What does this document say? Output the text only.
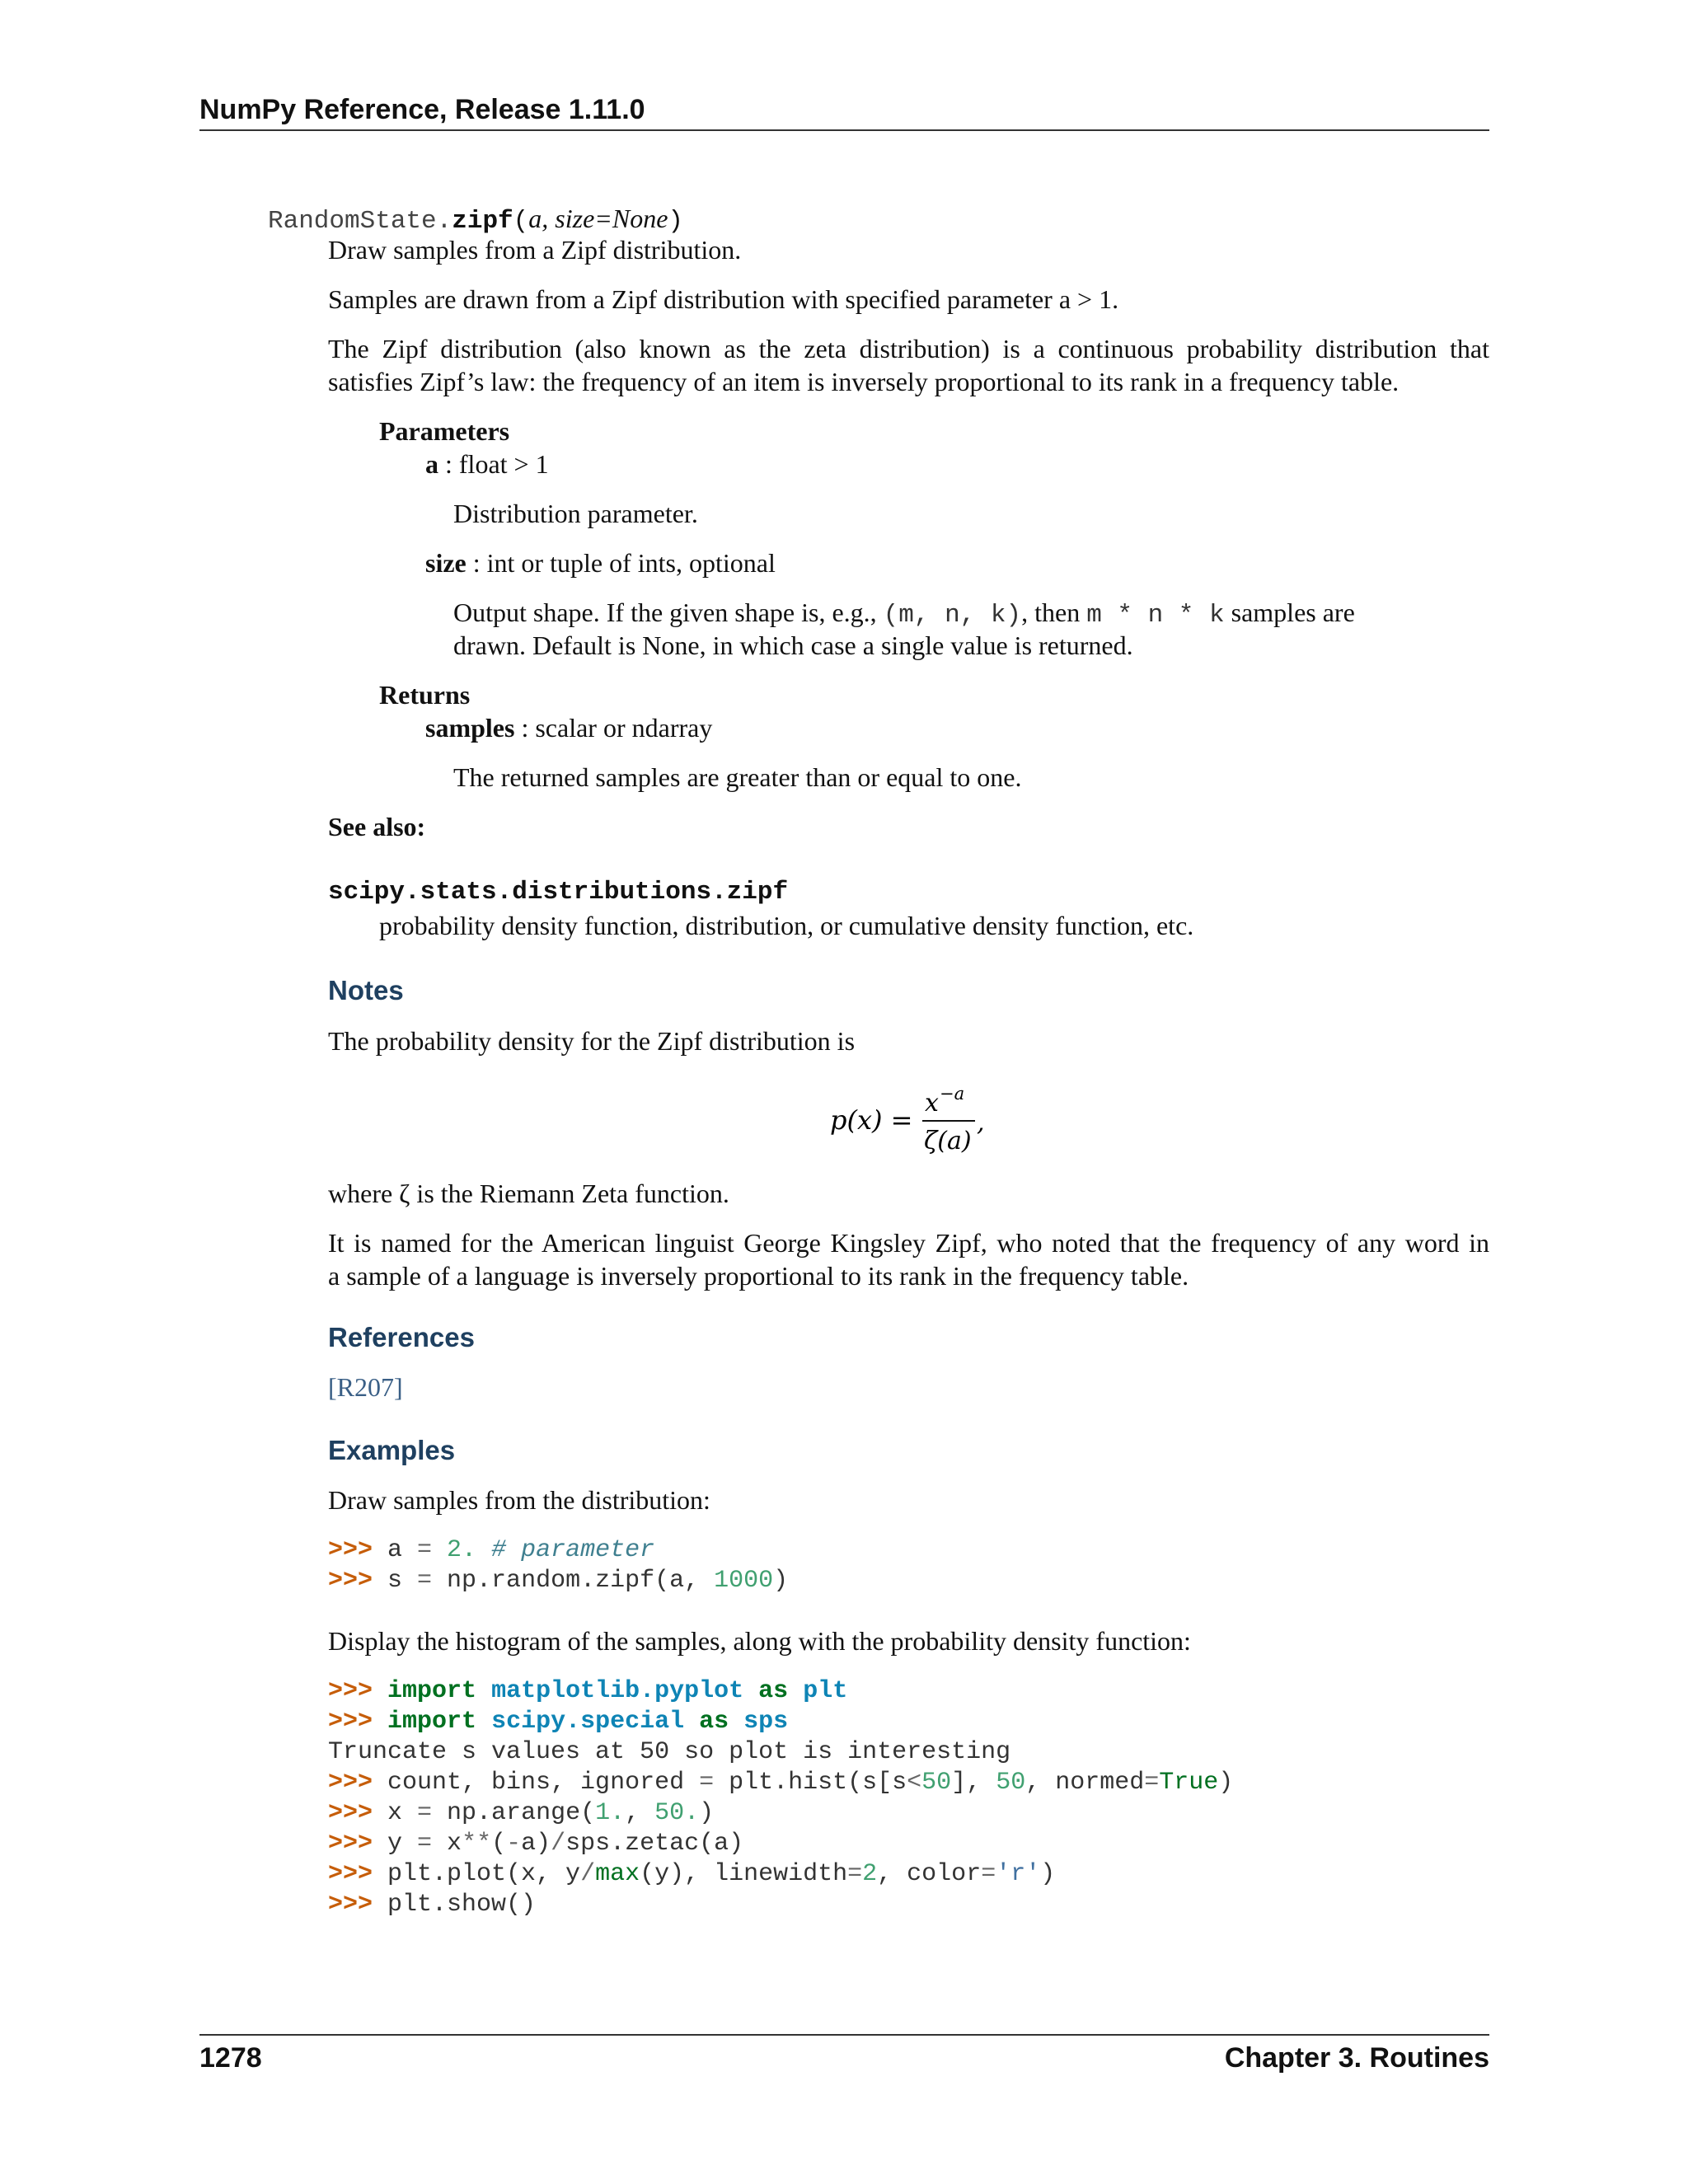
NumPy Reference, Release 1.11.0
RandomState.zipf(a, size=None)
Draw samples from a Zipf distribution.
Samples are drawn from a Zipf distribution with specified parameter a > 1.
The Zipf distribution (also known as the zeta distribution) is a continuous probability distribution that
satisfies Zipf’s law: the frequency of an item is inversely proportional to its rank in a frequency table.
Parameters
a : float > 1
Distribution parameter.
size : int or tuple of ints, optional
Output shape. If the given shape is, e.g., (m, n, k), then m * n * k samples are
drawn. Default is None, in which case a single value is returned.
Returns
samples : scalar or ndarray
The returned samples are greater than or equal to one.
See also:
scipy.stats.distributions.zipf
probability density function, distribution, or cumulative density function, etc.
Notes
The probability density for the Zipf distribution is
p(x) =
x −a
ζ(a)
,
where ζ is the Riemann Zeta function.
It is named for the American linguist George Kingsley Zipf, who noted that the frequency of any word in
a sample of a language is inversely proportional to its rank in the frequency table.
References
[R207]
Examples
Draw samples from the distribution:
>>> a = 2. # parameter
>>> s = np.random.zipf(a, 1000)
Display the histogram of the samples, along with the probability density function:
>>> import matplotlib.pyplot as plt
>>> import scipy.special as sps
Truncate s values at 50 so plot is interesting
>>> count, bins, ignored = plt.hist(s[s<50], 50, normed=True)
>>> x = np.arange(1., 50.)
>>> y = x**(-a)/sps.zetac(a)
>>> plt.plot(x, y/max(y), linewidth=2, color='r')
>>> plt.show()
1278	Chapter 3. Routines
